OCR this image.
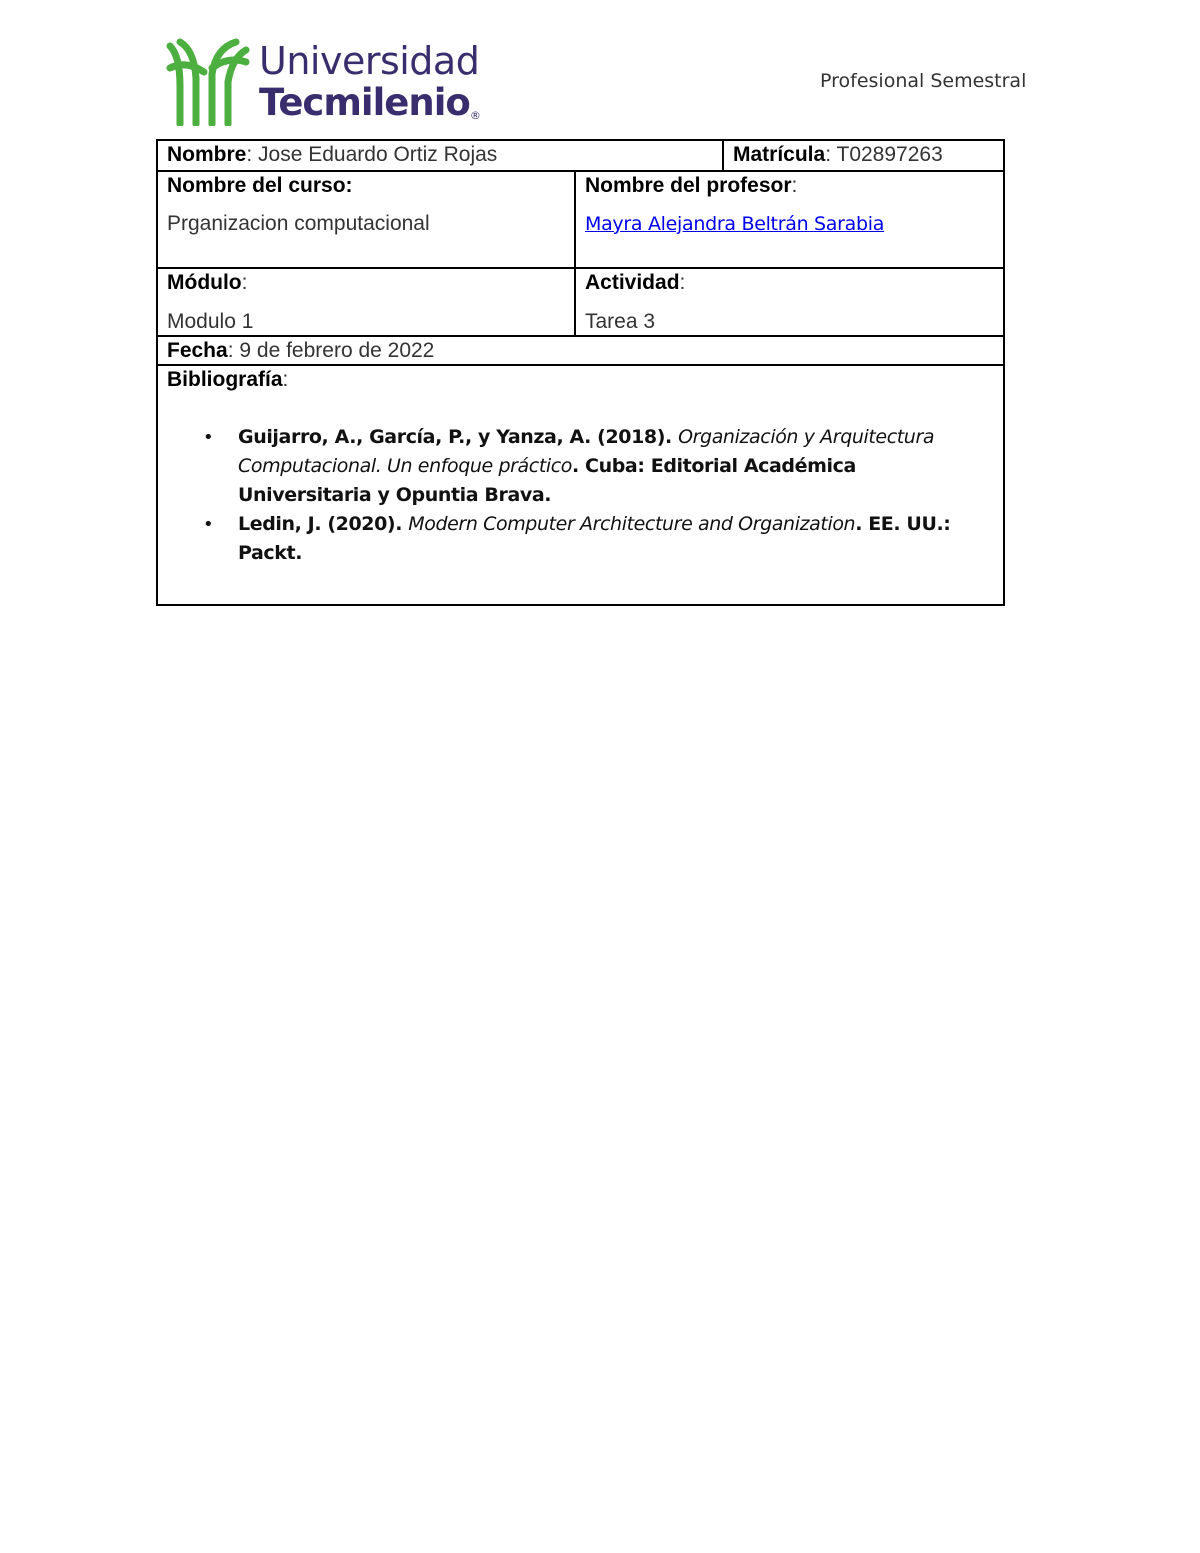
Universidad
Tecmilenio®
Profesional Semestral
Nombre: Jose Eduardo Ortiz Rojas	Matrícula: T02897263
Nombre del curso:
Prganizacion computacional
Nombre del profesor:
Mayra Alejandra Beltrán Sarabia
Módulo:
Modulo 1
Actividad:
Tarea 3
Fecha: 9 de febrero de 2022
Bibliografía:
• Guijarro, A., García, P., y Yanza, A. (2018). Organización y Arquitectura Computacional. Un enfoque práctico. Cuba: Editorial Académica Universitaria y Opuntia Brava.
• Ledin, J. (2020). Modern Computer Architecture and Organization. EE. UU.: Packt.
